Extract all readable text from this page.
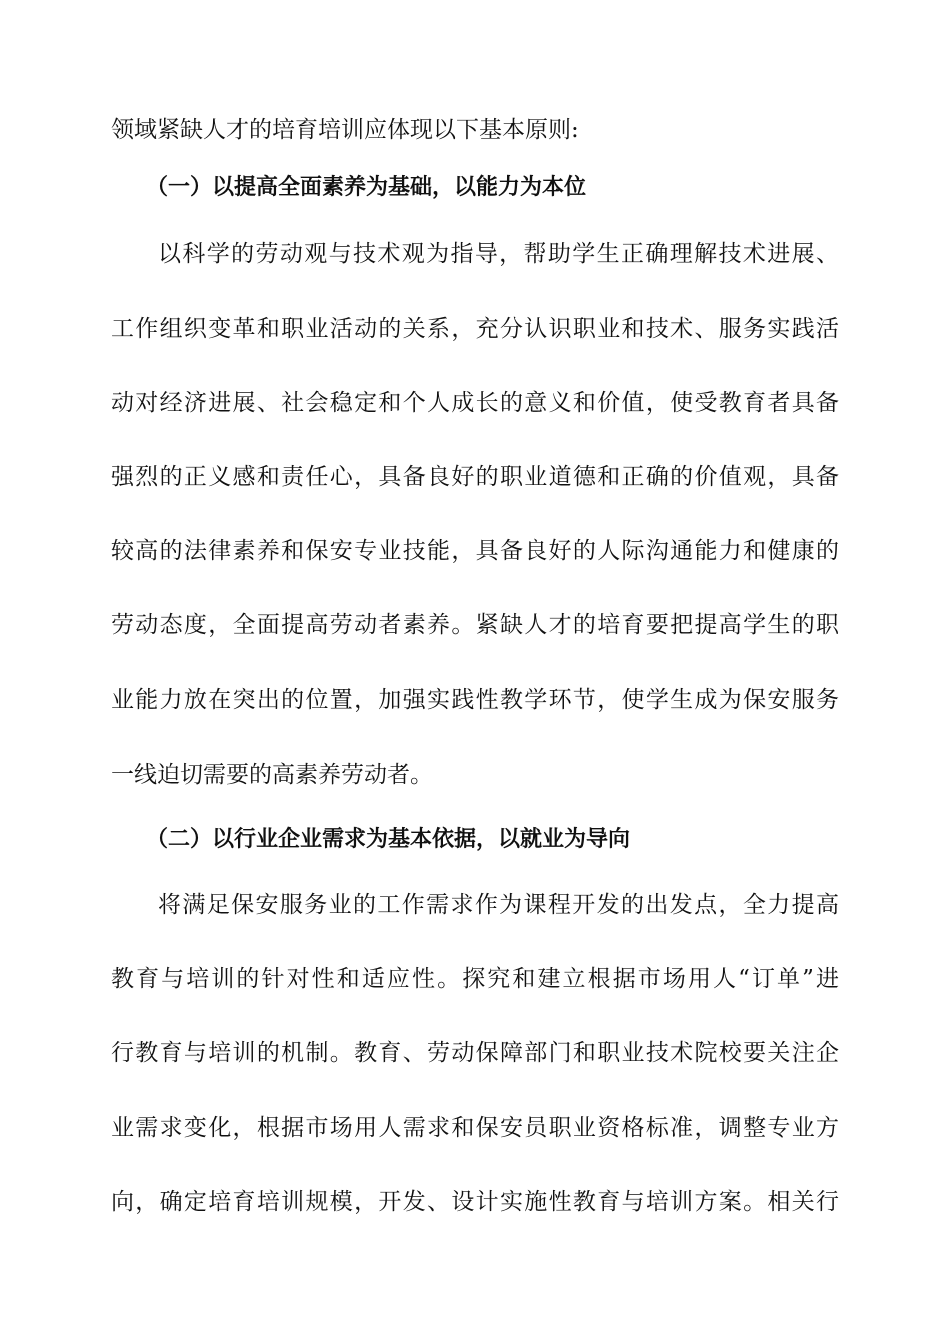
领域紧缺人才的培育培训应体现以下基本原则:
（一）以提高全面素养为基础，以能力为本位
以科学的劳动观与技术观为指导，帮助学生正确理解技术进展、
工作组织变革和职业活动的关系，充分认识职业和技术、服务实践活
动对经济进展、社会稳定和个人成长的意义和价值，使受教育者具备
强烈的正义感和责任心，具备良好的职业道德和正确的价值观，具备
较高的法律素养和保安专业技能，具备良好的人际沟通能力和健康的
劳动态度，全面提高劳动者素养。紧缺人才的培育要把提高学生的职
业能力放在突出的位置，加强实践性教学环节，使学生成为保安服务
一线迫切需要的高素养劳动者。
（二）以行业企业需求为基本依据，以就业为导向
将满足保安服务业的工作需求作为课程开发的出发点，全力提高
教育与培训的针对性和适应性。探究和建立根据市场用人“订单”进
行教育与培训的机制。教育、劳动保障部门和职业技术院校要关注企
业需求变化，根据市场用人需求和保安员职业资格标准，调整专业方
向，确定培育培训规模，开发、设计实施性教育与培训方案。相关行
